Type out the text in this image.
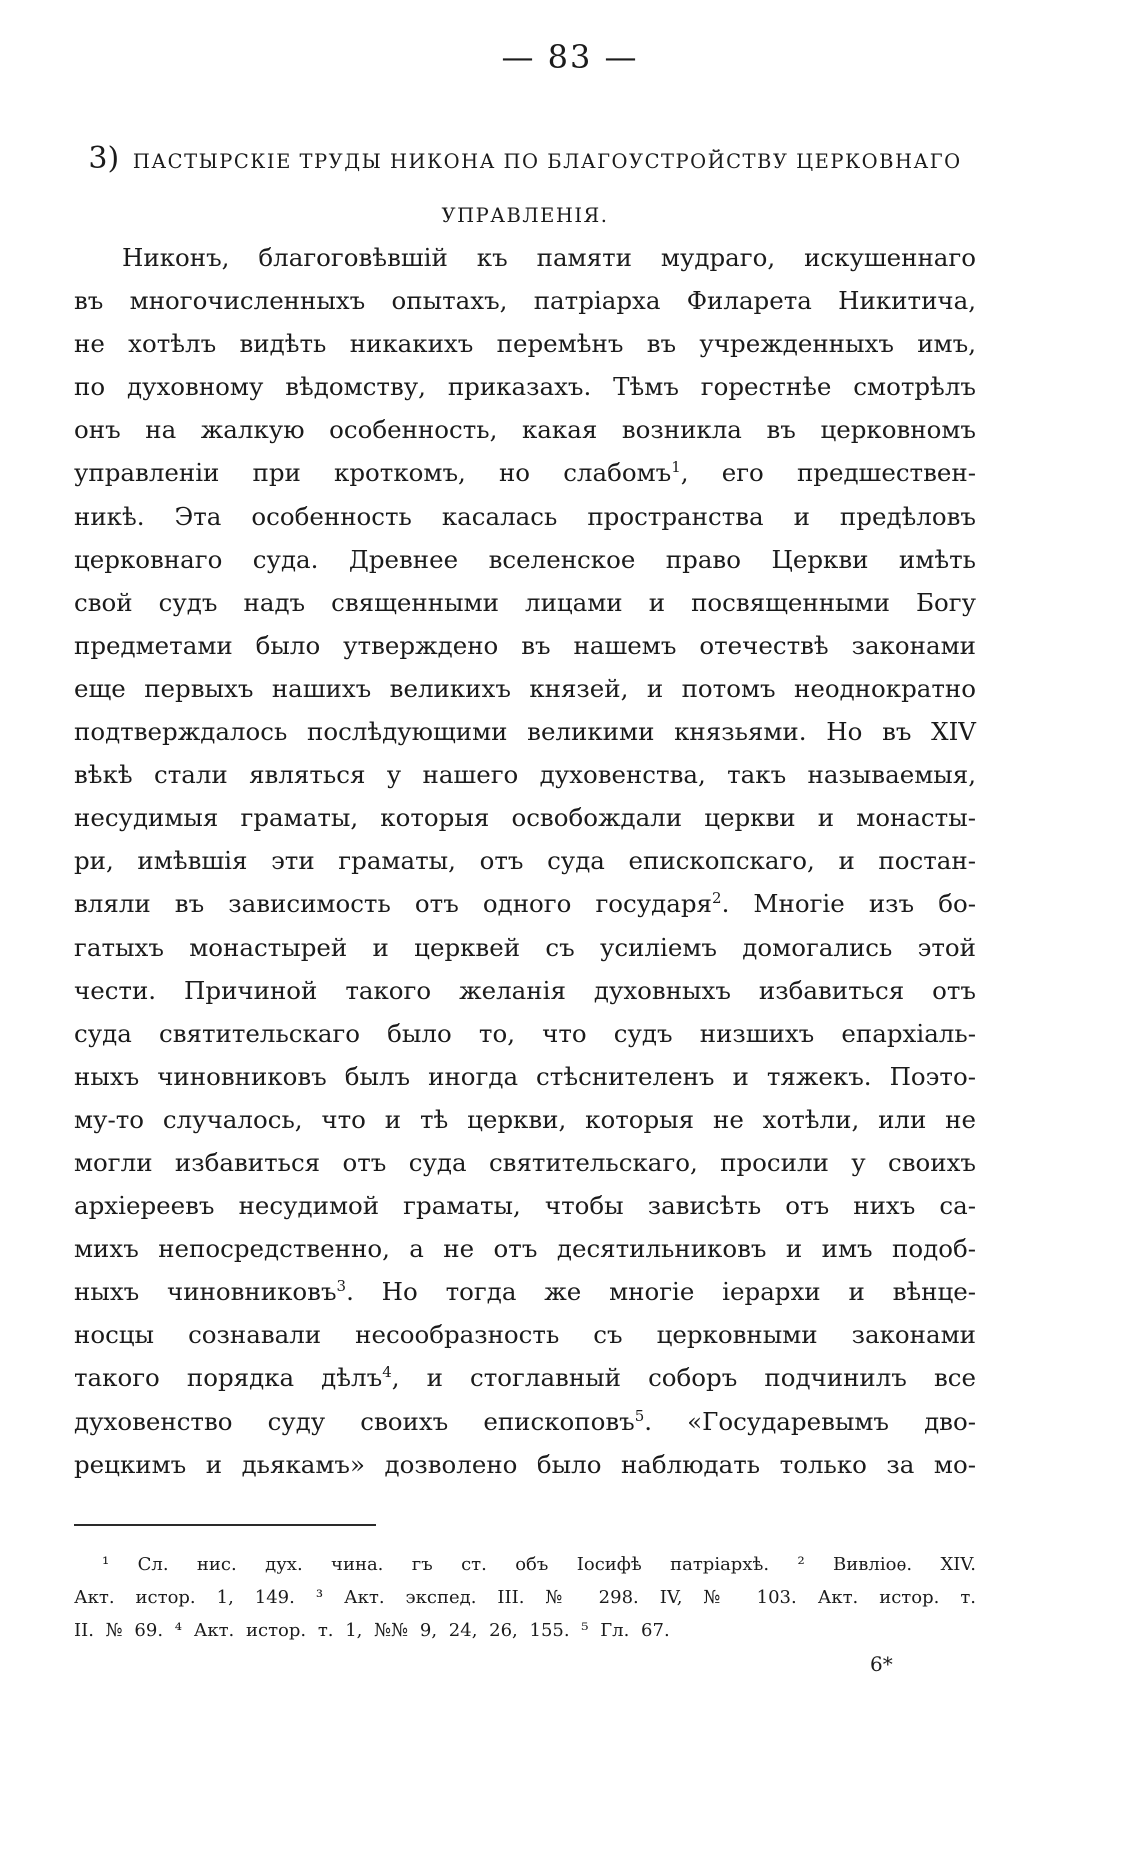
— 83 —
3) ПАСТЫРСКІЕ ТРУДЫ НИКОНА ПО БЛАГОУСТРОЙСТВУ ЦЕРКОВНАГО
УПРАВЛЕНІЯ.
Никонъ, благоговѣвшій къ памяти мудраго, искушеннаго
въ многочисленныхъ опытахъ, патріарха Филарета Никитича,
не хотѣлъ видѣть никакихъ перемѣнъ въ учрежденныхъ имъ,
по духовному вѣдомству, приказахъ. Тѣмъ горестнѣе смотрѣлъ
онъ на жалкую особенность, какая возникла въ церковномъ
управленіи при кроткомъ, но слабомъ$^1$, его предшествен-
никѣ. Эта особенность касалась пространства и предѣловъ
церковнаго суда. Древнее вселенское право Церкви имѣть
свой судъ надъ священными лицами и посвященными Богу
предметами было утверждено въ нашемъ отечествѣ законами
еще первыхъ нашихъ великихъ князей, и потомъ неоднократно
подтверждалось послѣдующими великими князьями. Но въ XIV
вѣкѣ стали являться у нашего духовенства, такъ называемыя,
несудимыя граматы, которыя освобождали церкви и монасты-
ри, имѣвшія эти граматы, отъ суда епископскаго, и постан-
вляли въ зависимость отъ одного государя$^2$. Многіе изъ бо-
гатыхъ монастырей и церквей съ усиліемъ домогались этой
чести. Причиной такого желанія духовныхъ избавиться отъ
суда святительскаго было то, что судъ низшихъ епархіаль-
ныхъ чиновниковъ былъ иногда стѣснителенъ и тяжекъ. Поэто-
му-то случалось, что и тѣ церкви, которыя не хотѣли, или не
могли избавиться отъ суда святительскаго, просили у своихъ
архіереевъ несудимой граматы, чтобы зависѣть отъ нихъ са-
михъ непосредственно, а не отъ десятильниковъ и имъ подоб-
ныхъ чиновниковъ$^3$. Но тогда же многіе іерархи и вѣнце-
носцы сознавали несообразность съ церковными законами
такого порядка дѣлъ$^4$, и стоглавный соборъ подчинилъ все
духовенство суду своихъ епископовъ$^5$. «Государевымъ дво-
рецкимъ и дьякамъ» дозволено было наблюдать только за мо-
¹ Сл. нис. дух. чина. гъ ст. объ Іосифѣ патріархѣ. ² Вивліоѳ. XIV.
Акт. истор. 1, 149. ³ Акт. экспед. III. № 298. IV, № 103. Акт. истор. т.
II. № 69. ⁴ Акт. истор. т. 1, №№ 9, 24, 26, 155. ⁵ Гл. 67.
6*
